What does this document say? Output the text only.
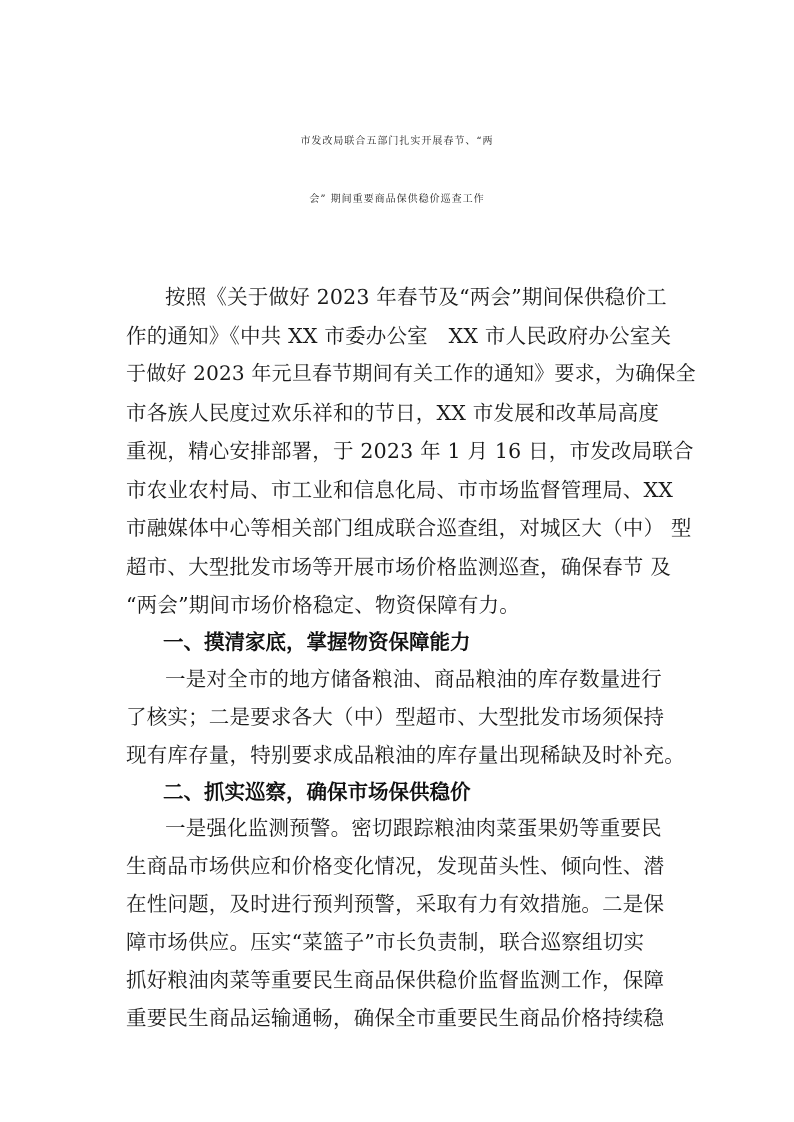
市发改局联合五部门扎实开展春节、“两
会” 期间重要商品保供稳价巡查工作
按照《关于做好 2023 年春节及“两会”期间保供稳价工
作的通知》《中共 XX 市委办公室　XX 市人民政府办公室关
于做好 2023 年元旦春节期间有关工作的通知》要求，为确保全
市各族人民度过欢乐祥和的节日，XX 市发展和改革局高度
重视，精心安排部署，于 2023 年 1 月 16 日，市发改局联合
市农业农村局、市工业和信息化局、市市场监督管理局、XX
市融媒体中心等相关部门组成联合巡查组，对城区大（中） 型
超市、大型批发市场等开展市场价格监测巡查，确保春节 及
“两会”期间市场价格稳定、物资保障有力。
一、摸清家底，掌握物资保障能力
一是对全市的地方储备粮油、商品粮油的库存数量进行
了核实；二是要求各大（中）型超市、大型批发市场须保持
现有库存量，特别要求成品粮油的库存量出现稀缺及时补充。
二、抓实巡察，确保市场保供稳价
一是强化监测预警。密切跟踪粮油肉菜蛋果奶等重要民
生商品市场供应和价格变化情况，发现苗头性、倾向性、潜
在性问题，及时进行预判预警，采取有力有效措施。二是保
障市场供应。压实“菜篮子”市长负责制，联合巡察组切实
抓好粮油肉菜等重要民生商品保供稳价监督监测工作，保障
重要民生商品运输通畅，确保全市重要民生商品价格持续稳
